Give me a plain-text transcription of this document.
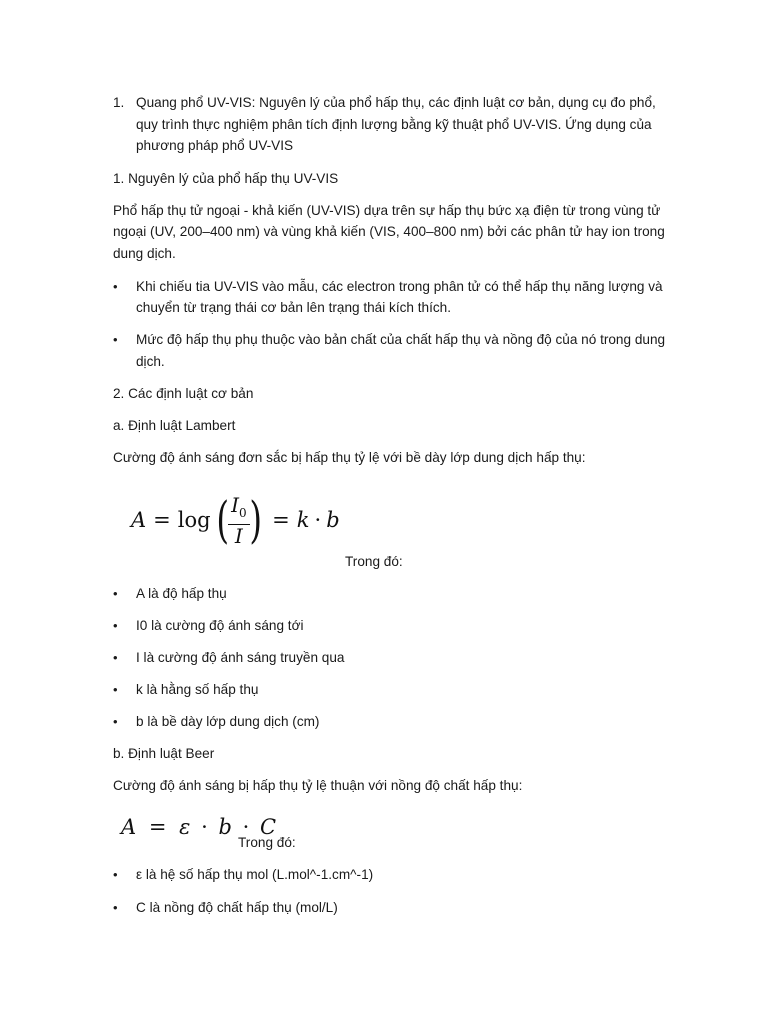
1. Quang phổ UV-VIS: Nguyên lý của phổ hấp thụ, các định luật cơ bản, dụng cụ đo phổ,

quy trình thực nghiệm phân tích định lượng bằng kỹ thuật phổ UV-VIS. Ứng dụng của

phương pháp phổ UV-VIS

1. Nguyên lý của phổ hấp thụ UV-VIS

Phổ hấp thụ tử ngoại - khả kiến (UV-VIS) dựa trên sự hấp thụ bức xạ điện từ trong vùng tử

ngoại (UV, 200–400 nm) và vùng khả kiến (VIS, 400–800 nm) bởi các phân tử hay ion trong

dung dịch.

• Khi chiếu tia UV-VIS vào mẫu, các electron trong phân tử có thể hấp thụ năng lượng và

chuyển từ trạng thái cơ bản lên trạng thái kích thích.

• Mức độ hấp thụ phụ thuộc vào bản chất của chất hấp thụ và nồng độ của nó trong dung

dịch.

2. Các định luật cơ bản

a. Định luật Lambert

Cường độ ánh sáng đơn sắc bị hấp thụ tỷ lệ với bề dày lớp dung dịch hấp thụ:

A = log ( $\frac{I_0}{I}$ ) = k · b

Trong đó:

• A là độ hấp thụ

• I0 là cường độ ánh sáng tới

• I là cường độ ánh sáng truyền qua

• k là hằng số hấp thụ

• b là bề dày lớp dung dịch (cm)

b. Định luật Beer

Cường độ ánh sáng bị hấp thụ tỷ lệ thuận với nồng độ chất hấp thụ:

A = ε · b · C

Trong đó:

• ε là hệ số hấp thụ mol (L.mol^-1.cm^-1)

• C là nồng độ chất hấp thụ (mol/L)
